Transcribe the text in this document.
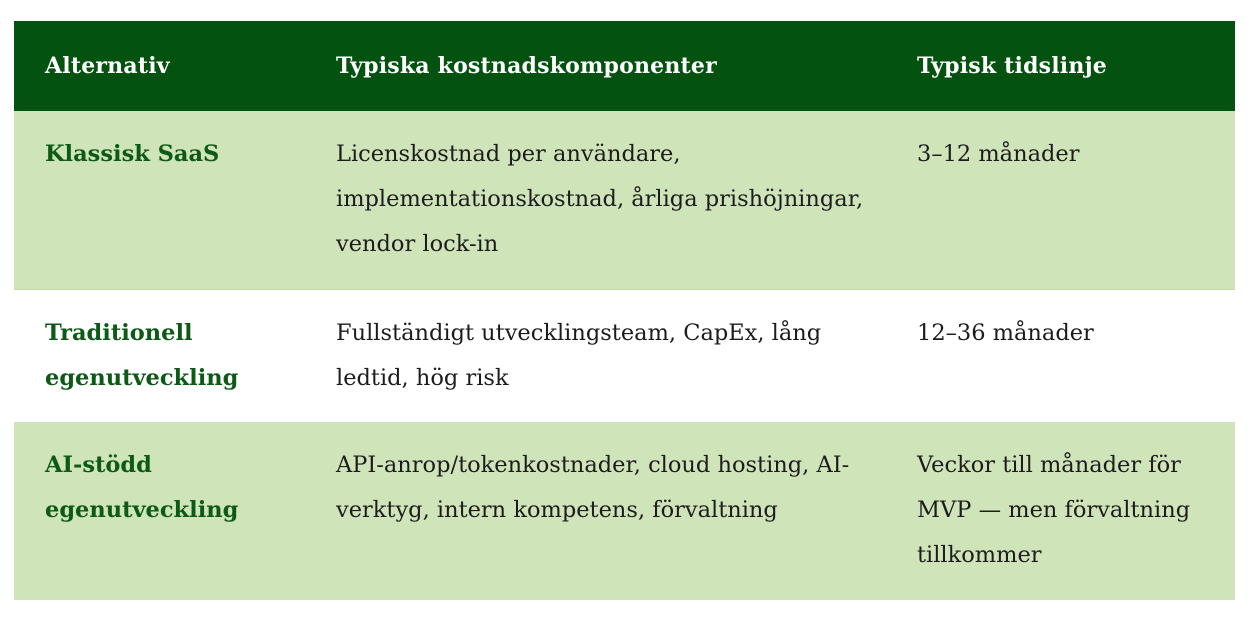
Alternativ	Typiska kostnadskomponenter	Typisk tidslinje
Klassisk SaaS	Licenskostnad per användare, implementationskostnad, årliga prishöjningar, vendor lock-in	3–12 månader
Traditionell egenutveckling	Fullständigt utvecklingsteam, CapEx, lång ledtid, hög risk	12–36 månader
AI-stödd egenutveckling	API-anrop/tokenkostnader, cloud hosting, AI-verktyg, intern kompetens, förvaltning	Veckor till månader för MVP — men förvaltning tillkommer
